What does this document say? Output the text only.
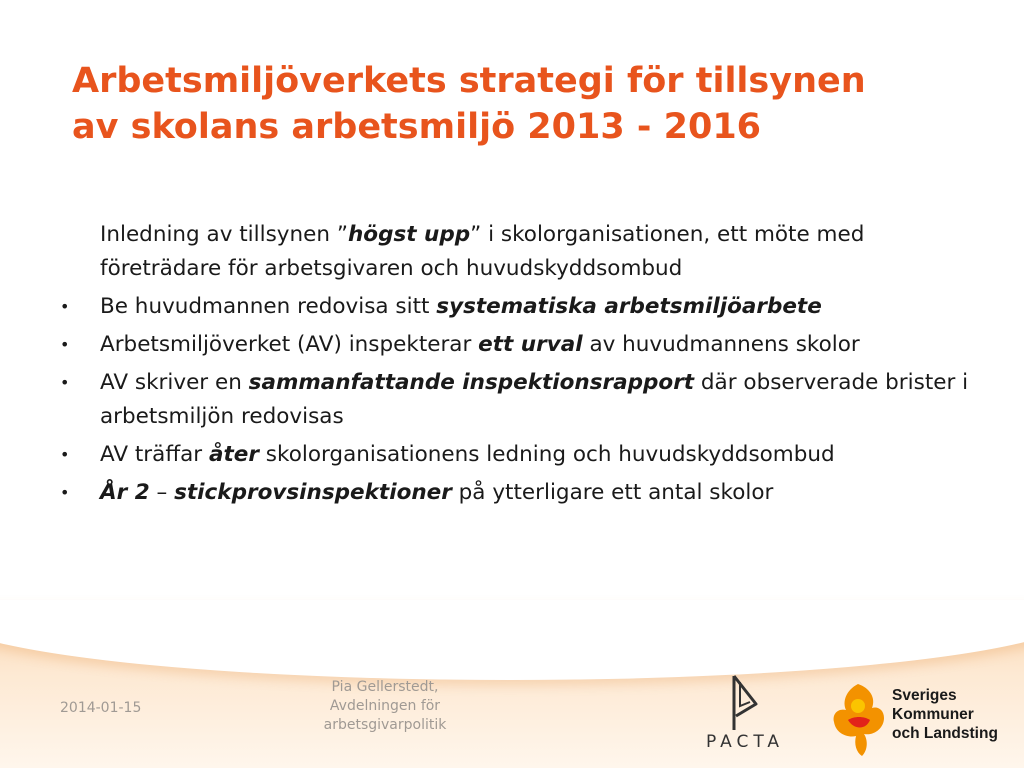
Arbetsmiljöverkets strategi för tillsynen
av skolans arbetsmiljö 2013 - 2016

Inledning av tillsynen ”högst upp” i skolorganisationen, ett möte med företrädare för arbetsgivaren och huvudskyddsombud

•	Be huvudmannen redovisa sitt systematiska arbetsmiljöarbete

•	Arbetsmiljöverket (AV) inspekterar ett urval av huvudmannens skolor

•	AV skriver en sammanfattande inspektionsrapport där observerade brister i arbetsmiljön redovisas

•	AV träffar åter skolorganisationens ledning och huvudskyddsombud

•	År 2 – stickprovsinspektioner på ytterligare ett antal skolor

2014-01-15
Pia Gellerstedt,
Avdelningen för
arbetsgivarpolitik
PACTA
Sveriges
Kommuner
och Landsting
